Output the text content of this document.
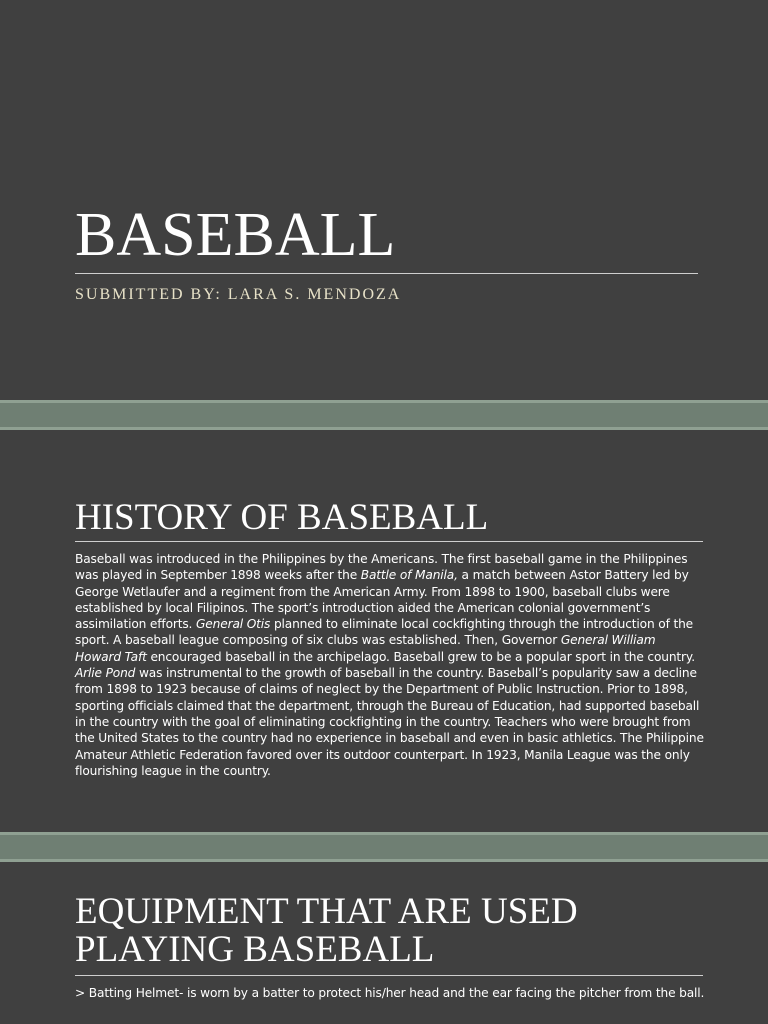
BASEBALL
SUBMITTED BY: LARA S. MENDOZA
HISTORY OF BASEBALL

Baseball was introduced in the Philippines by the Americans. The first baseball game in the Philippines was played in September 1898 weeks after the Battle of Manila, a match between Astor Battery led by George Wetlaufer and a regiment from the American Army. From 1898 to 1900, baseball clubs were established by local Filipinos. The sport’s introduction aided the American colonial government’s assimilation efforts. General Otis planned to eliminate local cockfighting through the introduction of the sport. A baseball league composing of six clubs was established. Then, Governor General William Howard Taft encouraged baseball in the archipelago. Baseball grew to be a popular sport in the country. Arlie Pond was instrumental to the growth of baseball in the country. Baseball’s popularity saw a decline from 1898 to 1923 because of claims of neglect by the Department of Public Instruction. Prior to 1898, sporting officials claimed that the department, through the Bureau of Education, had supported baseball in the country with the goal of eliminating cockfighting in the country. Teachers who were brought from the United States to the country had no experience in baseball and even in basic athletics. The Philippine Amateur Athletic Federation favored over its outdoor counterpart. In 1923, Manila League was the only flourishing league in the country.

EQUIPMENT THAT ARE USED
PLAYING BASEBALL

> Batting Helmet- is worn by a batter to protect his/her head and the ear facing the pitcher from the ball.
